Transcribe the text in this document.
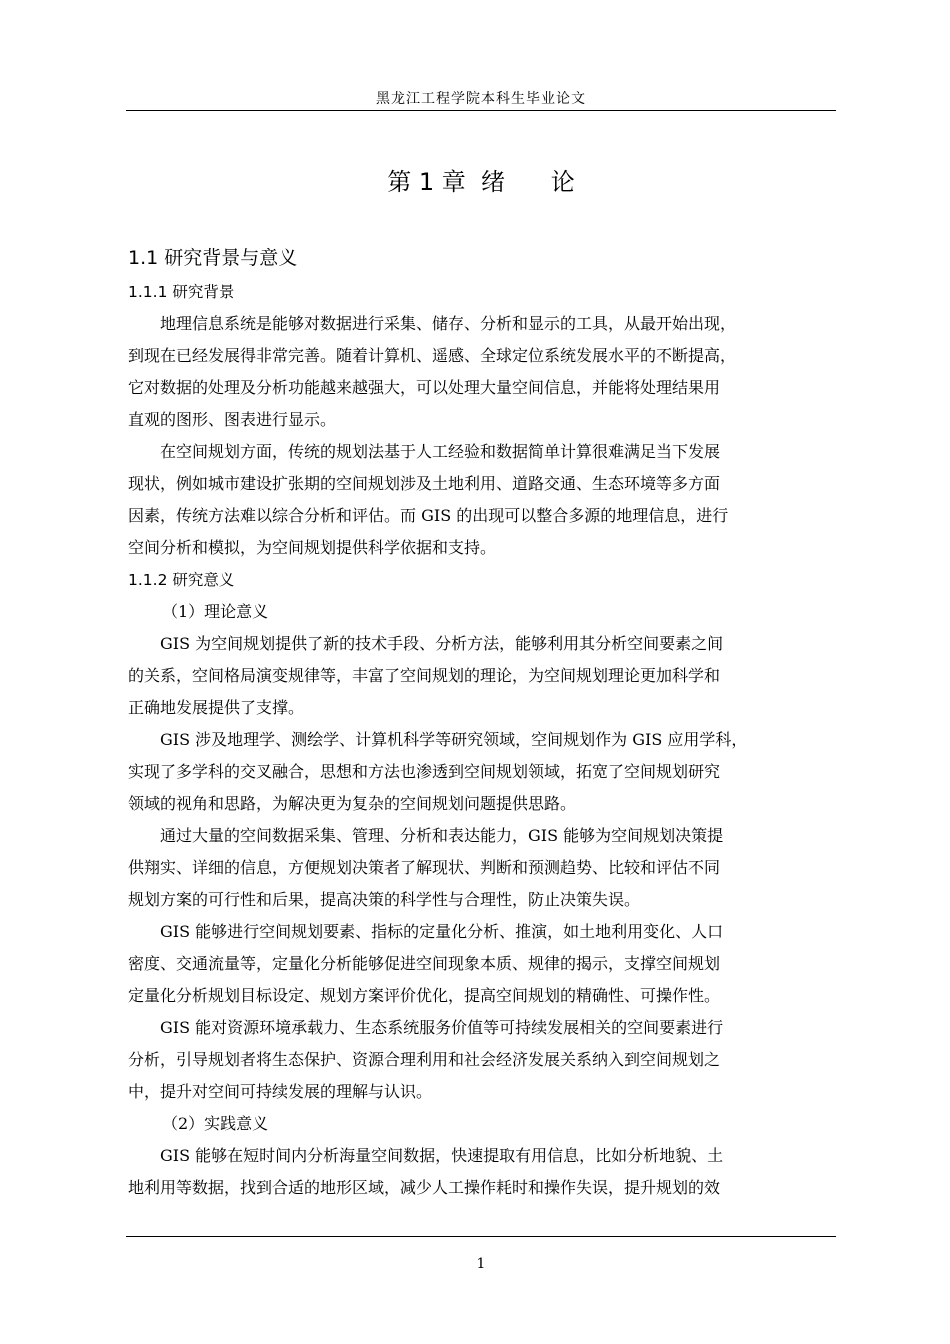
黑龙江工程学院本科生毕业论文
第 1 章  绪      论
1.1 研究背景与意义
1.1.1 研究背景

地理信息系统是能够对数据进行采集、储存、分析和显示的工具，从最开始出现，
到现在已经发展得非常完善。随着计算机、遥感、全球定位系统发展水平的不断提高，
它对数据的处理及分析功能越来越强大，可以处理大量空间信息，并能将处理结果用
直观的图形、图表进行显示。

在空间规划方面，传统的规划法基于人工经验和数据简单计算很难满足当下发展
现状，例如城市建设扩张期的空间规划涉及土地利用、道路交通、生态环境等多方面
因素，传统方法难以综合分析和评估。而 GIS 的出现可以整合多源的地理信息，进行
空间分析和模拟，为空间规划提供科学依据和支持。

1.1.2 研究意义
（1）理论意义

GIS 为空间规划提供了新的技术手段、分析方法，能够利用其分析空间要素之间
的关系，空间格局演变规律等，丰富了空间规划的理论，为空间规划理论更加科学和
正确地发展提供了支撑。

GIS 涉及地理学、测绘学、计算机科学等研究领域，空间规划作为 GIS 应用学科，
实现了多学科的交叉融合，思想和方法也渗透到空间规划领域，拓宽了空间规划研究
领域的视角和思路，为解决更为复杂的空间规划问题提供思路。

通过大量的空间数据采集、管理、分析和表达能力，GIS 能够为空间规划决策提
供翔实、详细的信息，方便规划决策者了解现状、判断和预测趋势、比较和评估不同
规划方案的可行性和后果，提高决策的科学性与合理性，防止决策失误。

GIS 能够进行空间规划要素、指标的定量化分析、推演，如土地利用变化、人口
密度、交通流量等，定量化分析能够促进空间现象本质、规律的揭示，支撑空间规划
定量化分析规划目标设定、规划方案评价优化，提高空间规划的精确性、可操作性。

GIS 能对资源环境承载力、生态系统服务价值等可持续发展相关的空间要素进行
分析，引导规划者将生态保护、资源合理利用和社会经济发展关系纳入到空间规划之
中，提升对空间可持续发展的理解与认识。

（2）实践意义

GIS 能够在短时间内分析海量空间数据，快速提取有用信息，比如分析地貌、土
地利用等数据，找到合适的地形区域，减少人工操作耗时和操作失误，提升规划的效

1
